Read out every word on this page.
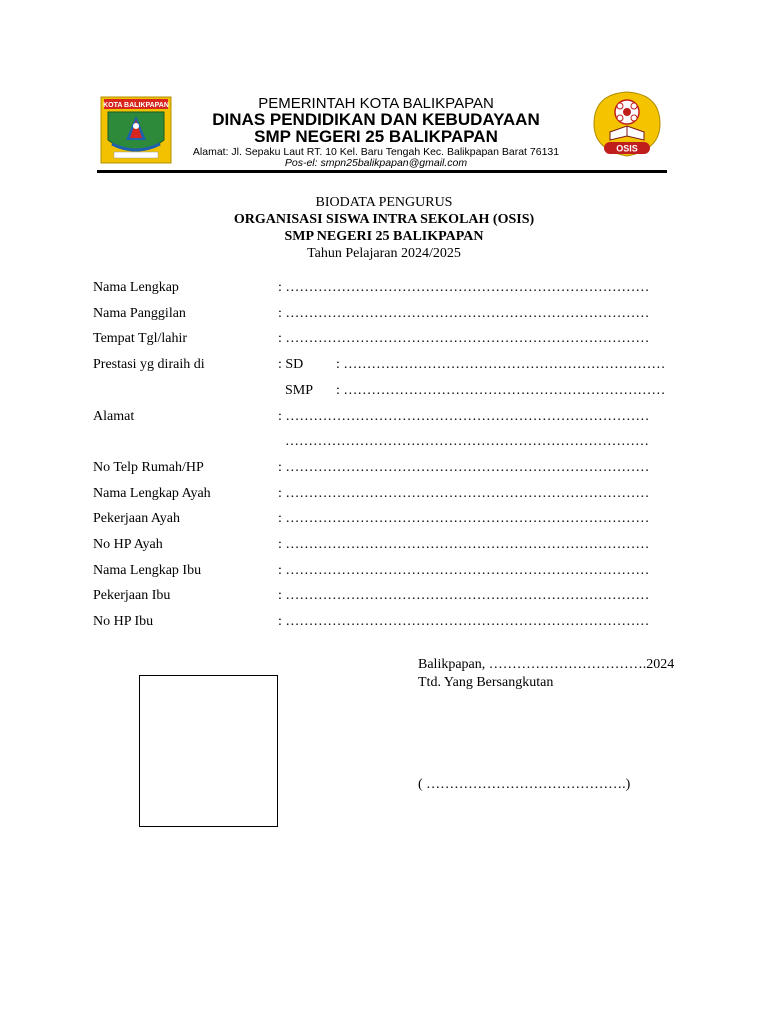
KOTA BALIKPAPAN
OSIS
PEMERINTAH KOTA BALIKPAPAN
DINAS PENDIDIKAN DAN KEBUDAYAAN
SMP NEGERI 25 BALIKPAPAN
Alamat: Jl. Sepaku Laut RT. 10 Kel. Baru Tengah Kec. Balikpapan Barat 76131
Pos-el: smpn25balikpapan@gmail.com
BIODATA PENGURUS
ORGANISASI SISWA INTRA SEKOLAH (OSIS)
SMP NEGERI 25 BALIKPAPAN
Tahun Pelajaran 2024/2025
Nama Lengkap	: ……………………………………………………………………
Nama Panggilan	: ……………………………………………………………………
Tempat Tgl/lahir	: ……………………………………………………………………
Prestasi yg diraih di	: SD : ……………………………………………………………
SMP : ……………………………………………………………
Alamat	: ……………………………………………………………………
……………………………………………………………………
No Telp Rumah/HP	: ……………………………………………………………………
Nama Lengkap Ayah	: ……………………………………………………………………
Pekerjaan Ayah	: ……………………………………………………………………
No HP Ayah	: ……………………………………………………………………
Nama Lengkap Ibu	: ……………………………………………………………………
Pekerjaan Ibu	: ……………………………………………………………………
No HP Ibu	: ……………………………………………………………………
Balikpapan, …………………………….2024
Ttd. Yang Bersangkutan
( …………………………………….)
